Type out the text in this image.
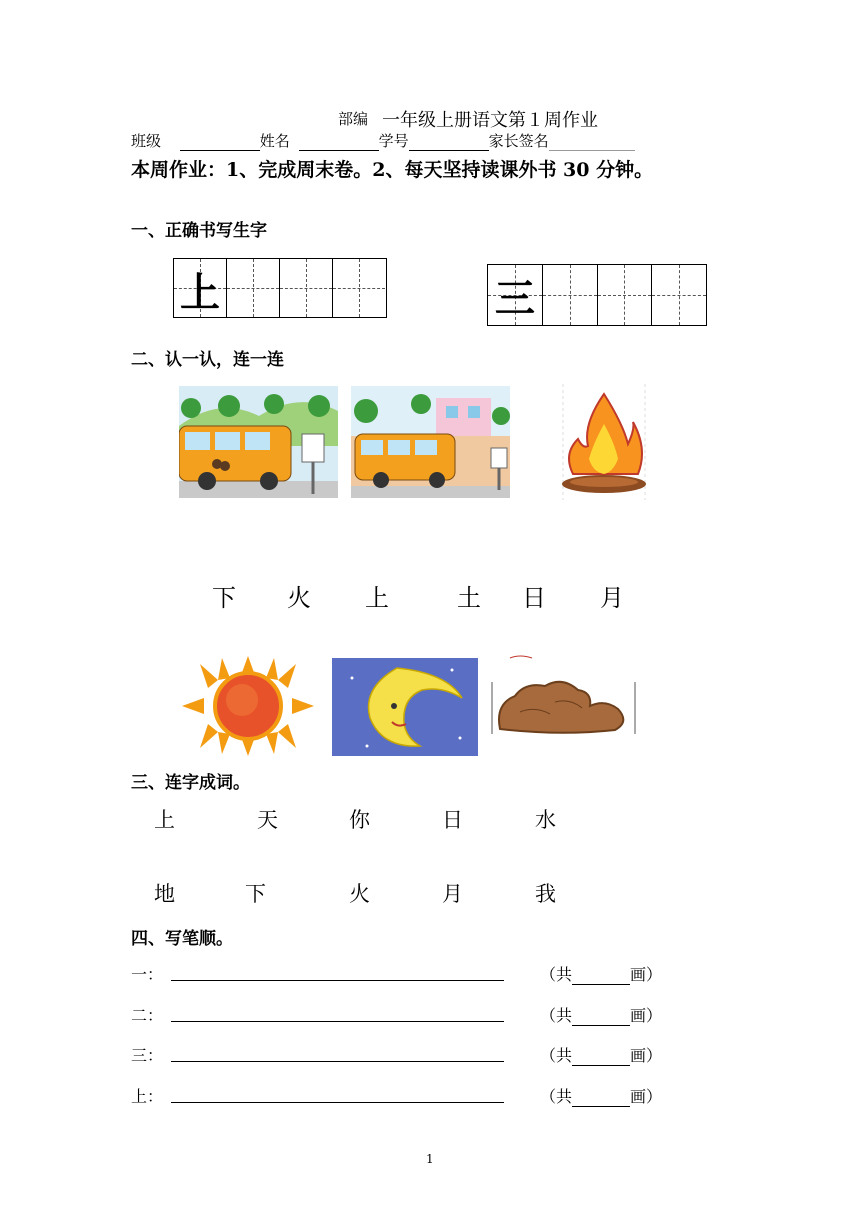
部编 一年级上册语文第１周作业
班级	姓名	学号	家长签名
本周作业：1、完成周末卷。2、每天坚持读课外书 30 分钟。
一、正确书写生字
上	三
二、认一认，连一连
下 火 上	土 日 月
三、连字成词。
上	天	你	日	水
地	下	火	月	我
四、写笔顺。
一：	（共	画）
二：	（共	画）
三：	（共	画）
上：	（共	画）
1
